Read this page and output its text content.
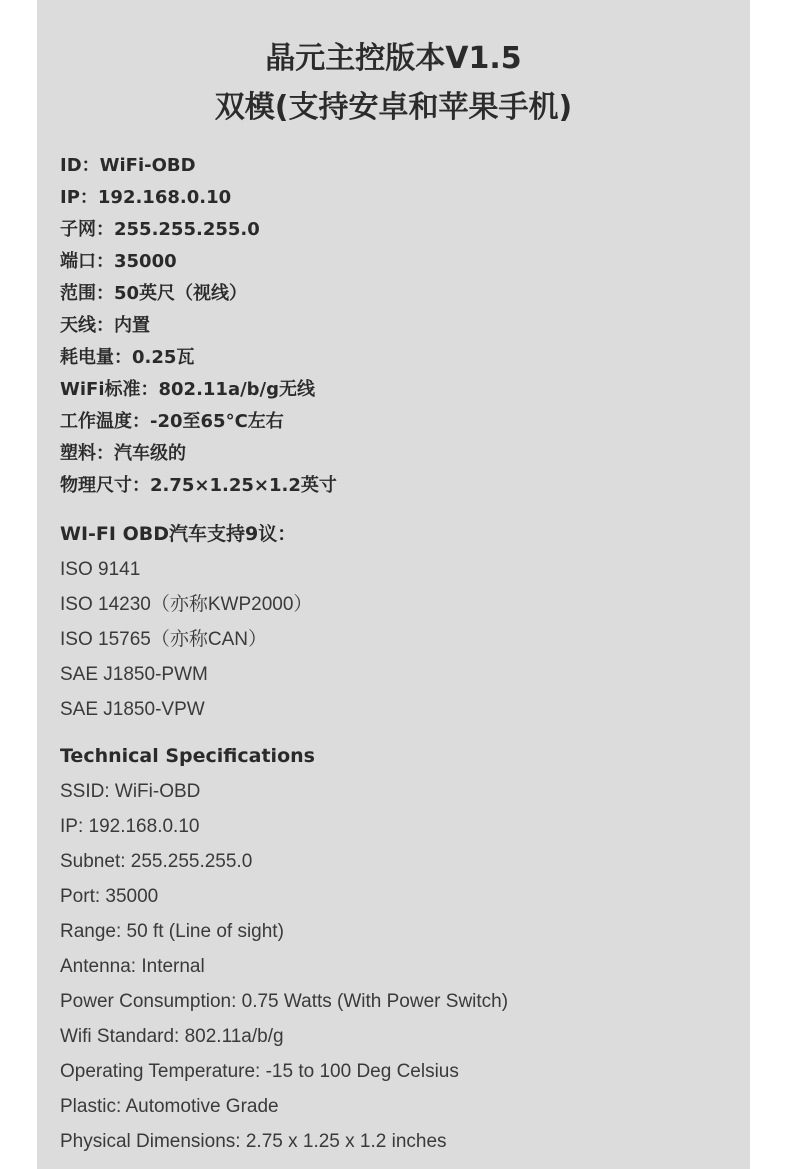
晶元主控版本V1.5
双模(支持安卓和苹果手机)
ID：WiFi-OBD
IP：192.168.0.10
子网：255.255.255.0
端口：35000
范围：50英尺（视线）
天线：内置
耗电量：0.25瓦
WiFi标准：802.11a/b/g无线
工作温度：-20至65°C左右
塑料：汽车级的
物理尺寸：2.75×1.25×1.2英寸
WI-FI OBD汽车支持9议：
ISO 9141
ISO 14230（亦称KWP2000）
ISO 15765（亦称CAN）
SAE J1850-PWM
SAE J1850-VPW
Technical Specifications
SSID: WiFi-OBD
IP: 192.168.0.10
Subnet: 255.255.255.0
Port: 35000
Range: 50 ft (Line of sight)
Antenna: Internal
Power Consumption: 0.75 Watts (With Power Switch)
Wifi Standard: 802.11a/b/g
Operating Temperature: -15 to 100 Deg Celsius
Plastic: Automotive Grade
Physical Dimensions: 2.75 x 1.25 x 1.2 inches
